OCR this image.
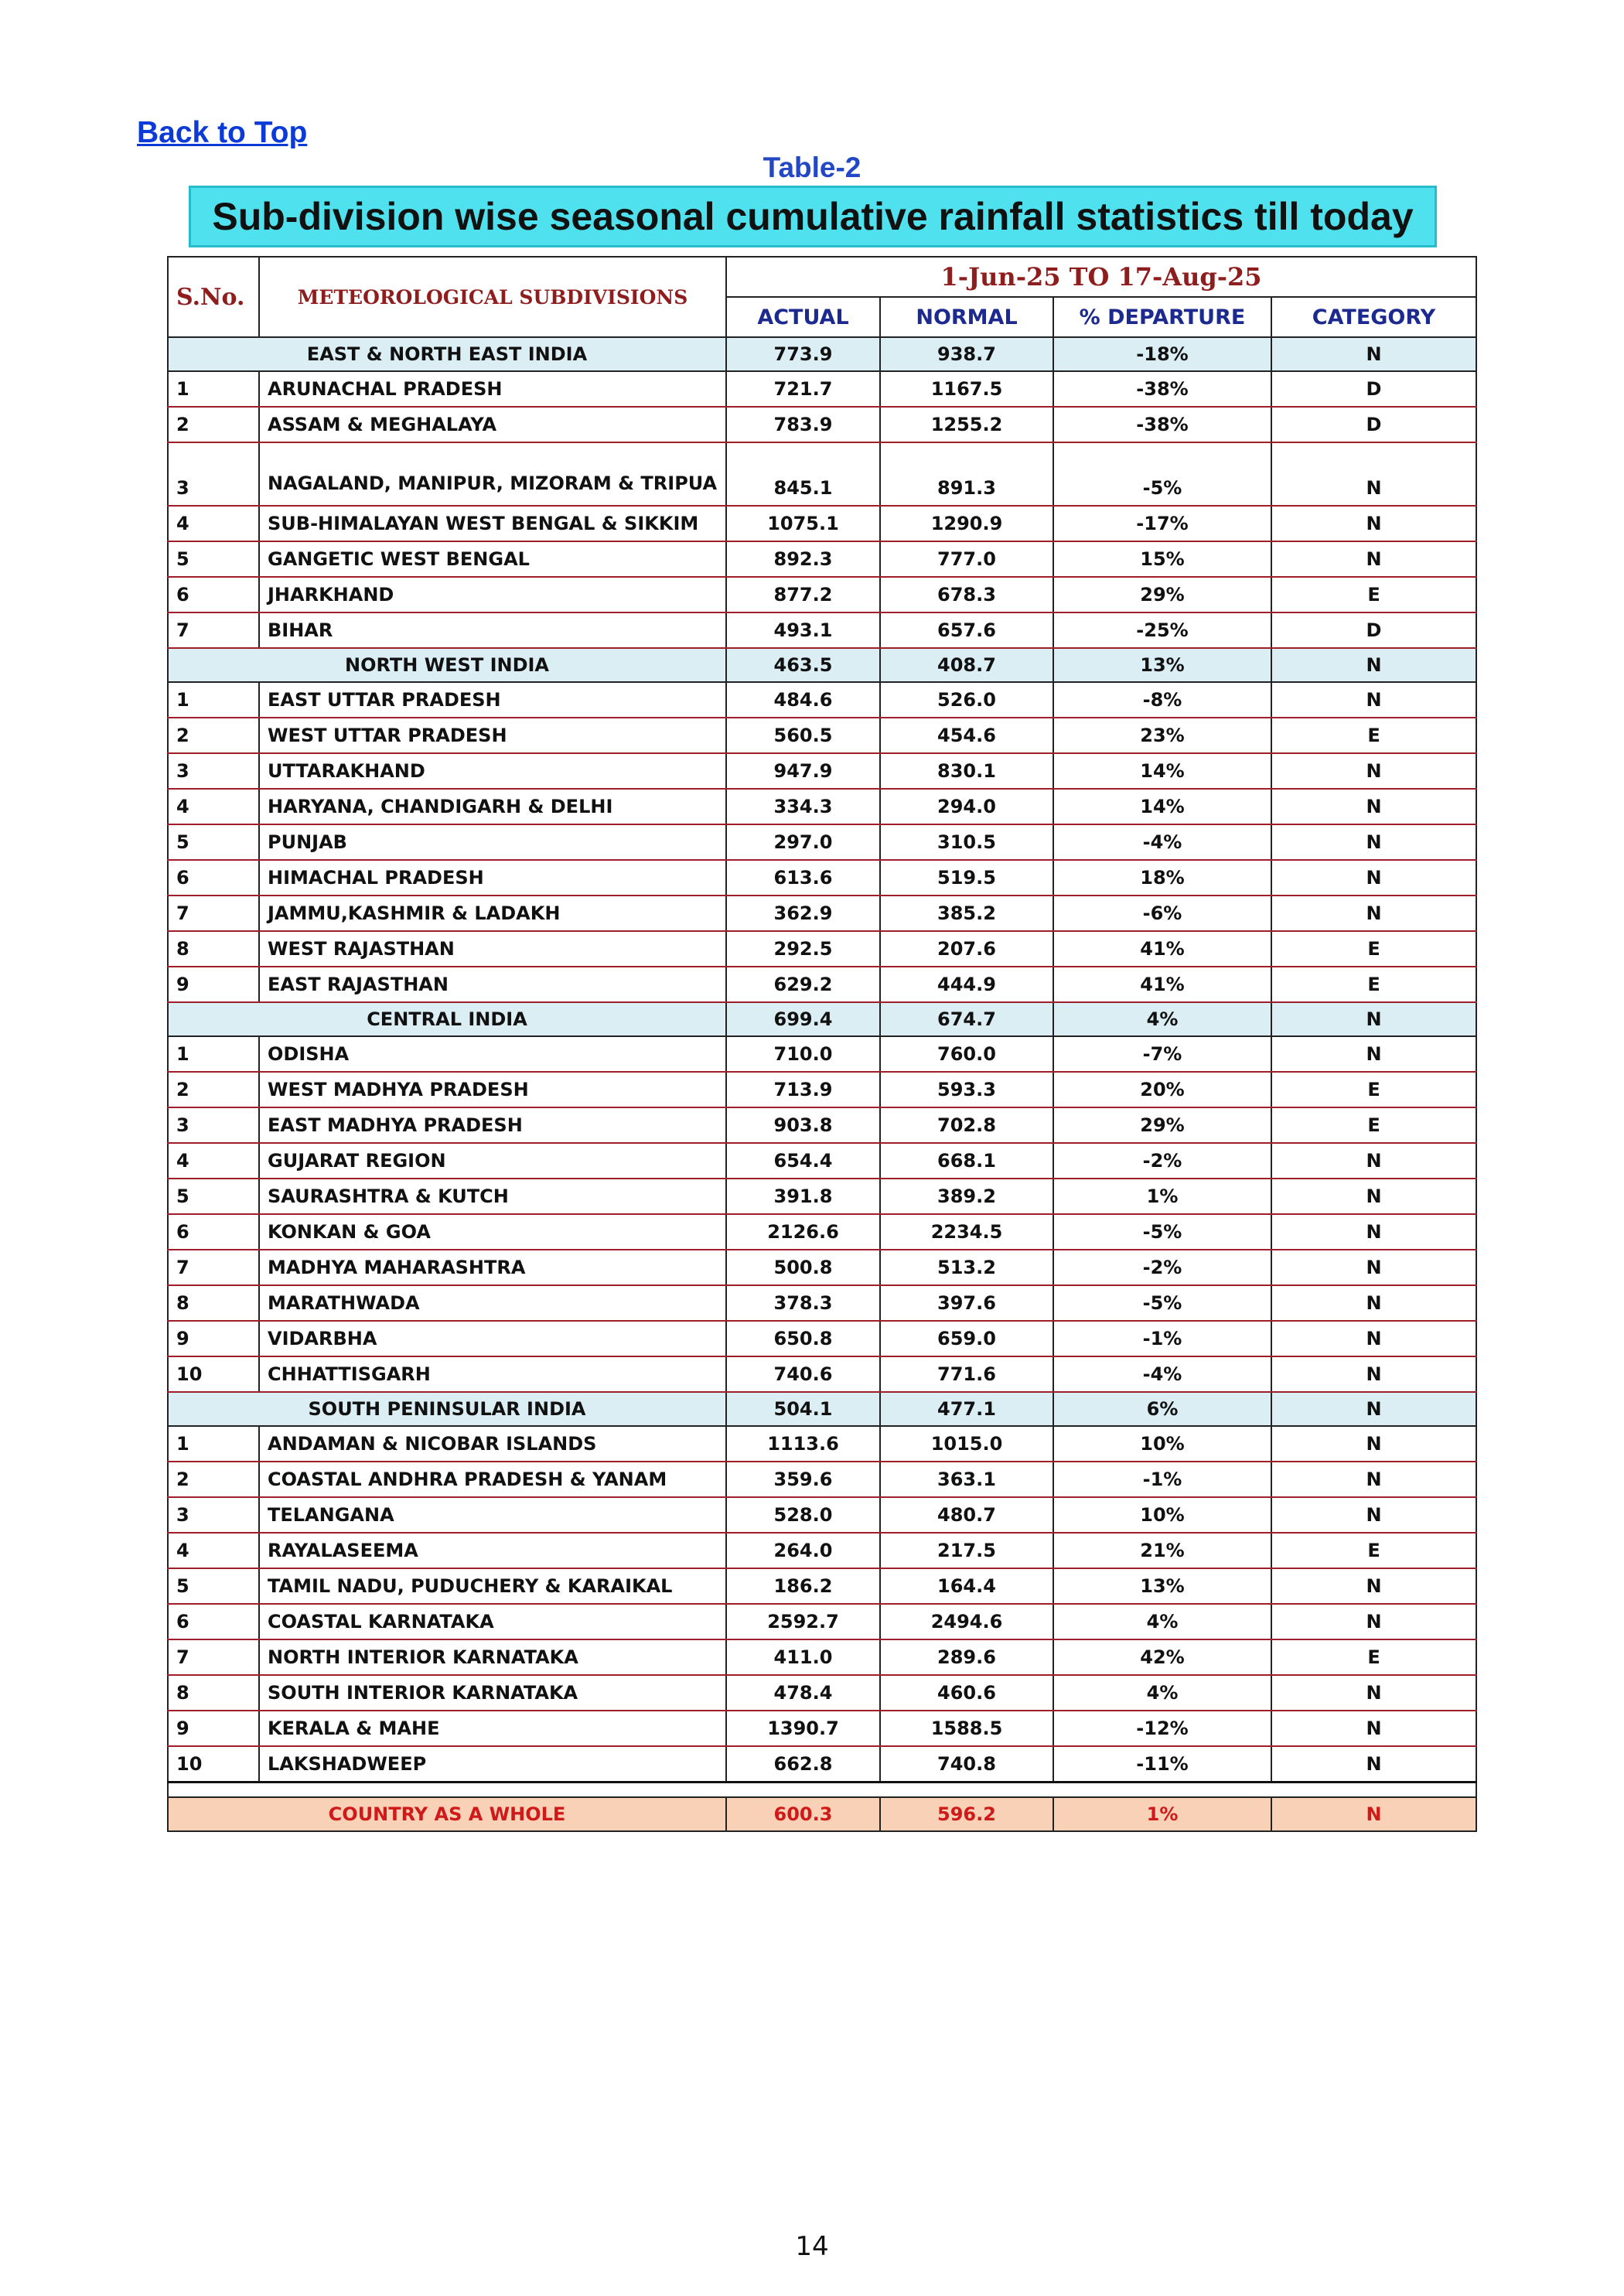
Back to Top
Table-2
Sub-division wise seasonal cumulative rainfall statistics till today
S.No.	METEOROLOGICAL SUBDIVISIONS	1-Jun-25 TO 17-Aug-25			
		ACTUAL	NORMAL	% DEPARTURE	CATEGORY
EAST & NORTH EAST INDIA		773.9	938.7	-18%	N
1	ARUNACHAL PRADESH	721.7	1167.5	-38%	D
2	ASSAM & MEGHALAYA	783.9	1255.2	-38%	D
3	NAGALAND, MANIPUR, MIZORAM & TRIPUA	845.1	891.3	-5%	N
4	SUB-HIMALAYAN WEST BENGAL & SIKKIM	1075.1	1290.9	-17%	N
5	GANGETIC WEST BENGAL	892.3	777.0	15%	N
6	JHARKHAND	877.2	678.3	29%	E
7	BIHAR	493.1	657.6	-25%	D
NORTH WEST INDIA		463.5	408.7	13%	N
1	EAST UTTAR PRADESH	484.6	526.0	-8%	N
2	WEST UTTAR PRADESH	560.5	454.6	23%	E
3	UTTARAKHAND	947.9	830.1	14%	N
4	HARYANA, CHANDIGARH & DELHI	334.3	294.0	14%	N
5	PUNJAB	297.0	310.5	-4%	N
6	HIMACHAL PRADESH	613.6	519.5	18%	N
7	JAMMU,KASHMIR & LADAKH	362.9	385.2	-6%	N
8	WEST RAJASTHAN	292.5	207.6	41%	E
9	EAST RAJASTHAN	629.2	444.9	41%	E
CENTRAL INDIA		699.4	674.7	4%	N
1	ODISHA	710.0	760.0	-7%	N
2	WEST MADHYA PRADESH	713.9	593.3	20%	E
3	EAST MADHYA PRADESH	903.8	702.8	29%	E
4	GUJARAT REGION	654.4	668.1	-2%	N
5	SAURASHTRA & KUTCH	391.8	389.2	1%	N
6	KONKAN & GOA	2126.6	2234.5	-5%	N
7	MADHYA MAHARASHTRA	500.8	513.2	-2%	N
8	MARATHWADA	378.3	397.6	-5%	N
9	VIDARBHA	650.8	659.0	-1%	N
10	CHHATTISGARH	740.6	771.6	-4%	N
SOUTH PENINSULAR INDIA		504.1	477.1	6%	N
1	ANDAMAN & NICOBAR ISLANDS	1113.6	1015.0	10%	N
2	COASTAL ANDHRA PRADESH & YANAM	359.6	363.1	-1%	N
3	TELANGANA	528.0	480.7	10%	N
4	RAYALASEEMA	264.0	217.5	21%	E
5	TAMIL NADU, PUDUCHERY & KARAIKAL	186.2	164.4	13%	N
6	COASTAL KARNATAKA	2592.7	2494.6	4%	N
7	NORTH INTERIOR KARNATAKA	411.0	289.6	42%	E
8	SOUTH INTERIOR KARNATAKA	478.4	460.6	4%	N
9	KERALA & MAHE	1390.7	1588.5	-12%	N
10	LAKSHADWEEP	662.8	740.8	-11%	N

COUNTRY AS A WHOLE		600.3	596.2	1%	N
14
